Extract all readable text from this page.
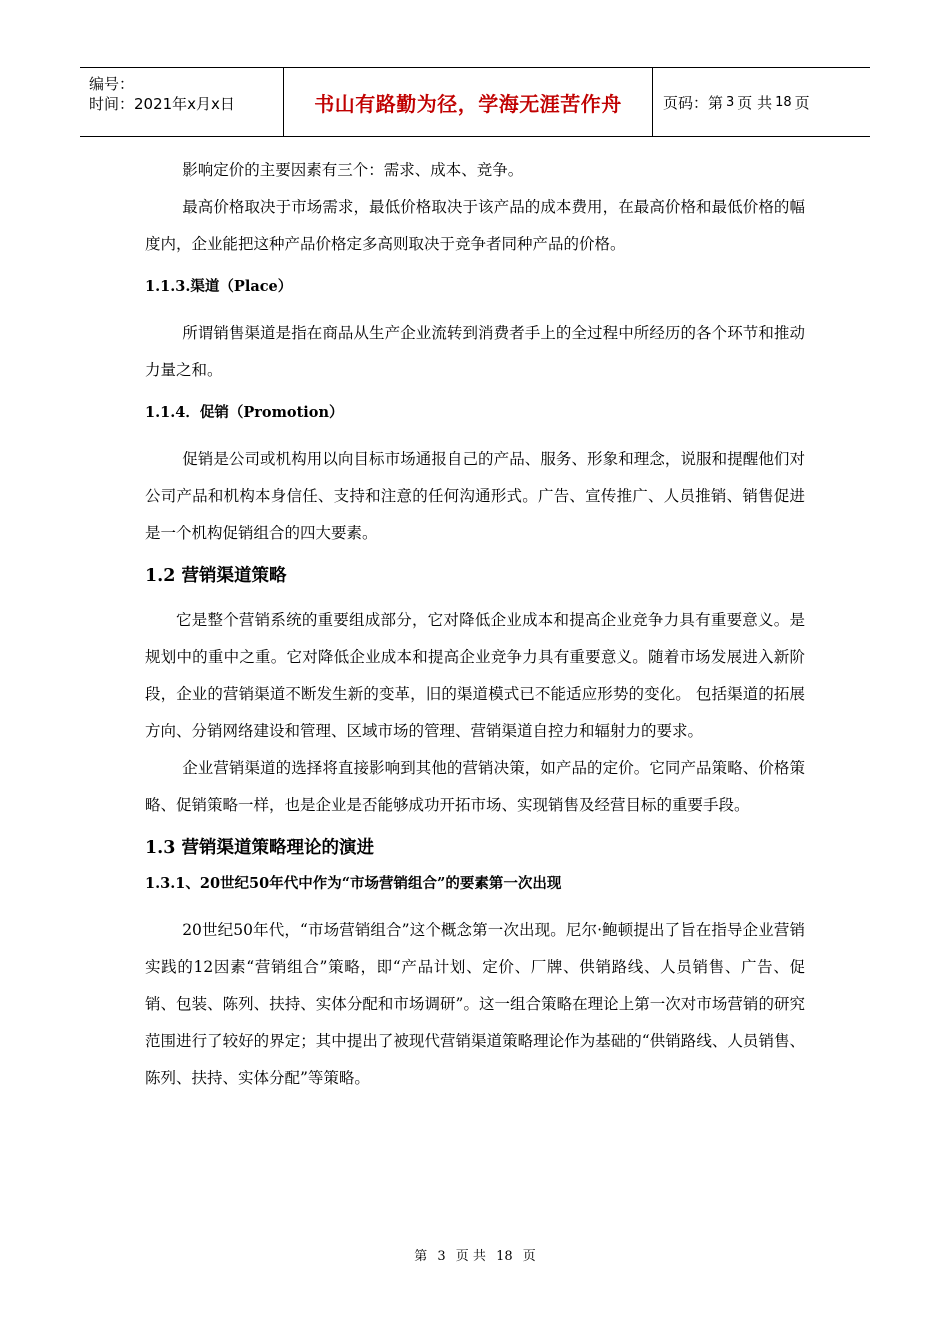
编号：
时间：2021年x月x日	书山有路勤为径，学海无涯苦作舟	页码：第 3 页 共 18 页

影响定价的主要因素有三个：需求、成本、竞争。

最高价格取决于市场需求，最低价格取决于该产品的成本费用，在最高价格和最低价格的幅度内，企业能把这种产品价格定多高则取决于竞争者同种产品的价格。

1.1.3.渠道（Place）

所谓销售渠道是指在商品从生产企业流转到消费者手上的全过程中所经历的各个环节和推动力量之和。

1.1.4．促销（Promotion）

促销是公司或机构用以向目标市场通报自己的产品、服务、形象和理念，说服和提醒他们对公司产品和机构本身信任、支持和注意的任何沟通形式。广告、宣传推广、人员推销、销售促进是一个机构促销组合的四大要素。

1.2 营销渠道策略

它是整个营销系统的重要组成部分，它对降低企业成本和提高企业竞争力具有重要意义。是规划中的重中之重。它对降低企业成本和提高企业竞争力具有重要意义。随着市场发展进入新阶段，企业的营销渠道不断发生新的变革，旧的渠道模式已不能适应形势的变化。 包括渠道的拓展方向、分销网络建设和管理、区域市场的管理、营销渠道自控力和辐射力的要求。

企业营销渠道的选择将直接影响到其他的营销决策，如产品的定价。它同产品策略、价格策略、促销策略一样，也是企业是否能够成功开拓市场、实现销售及经营目标的重要手段。

1.3 营销渠道策略理论的演进
1.3.1、20世纪50年代中作为“市场营销组合”的要素第一次出现

20世纪50年代，“市场营销组合”这个概念第一次出现。尼尔·鲍顿提出了旨在指导企业营销实践的12因素“营销组合”策略，即“产品计划、定价、厂牌、供销路线、人员销售、广告、促销、包装、陈列、扶持、实体分配和市场调研”。这一组合策略在理论上第一次对市场营销的研究范围进行了较好的界定；其中提出了被现代营销渠道策略理论作为基础的“供销路线、人员销售、陈列、扶持、实体分配”等策略。

第 3 页 共 18 页
